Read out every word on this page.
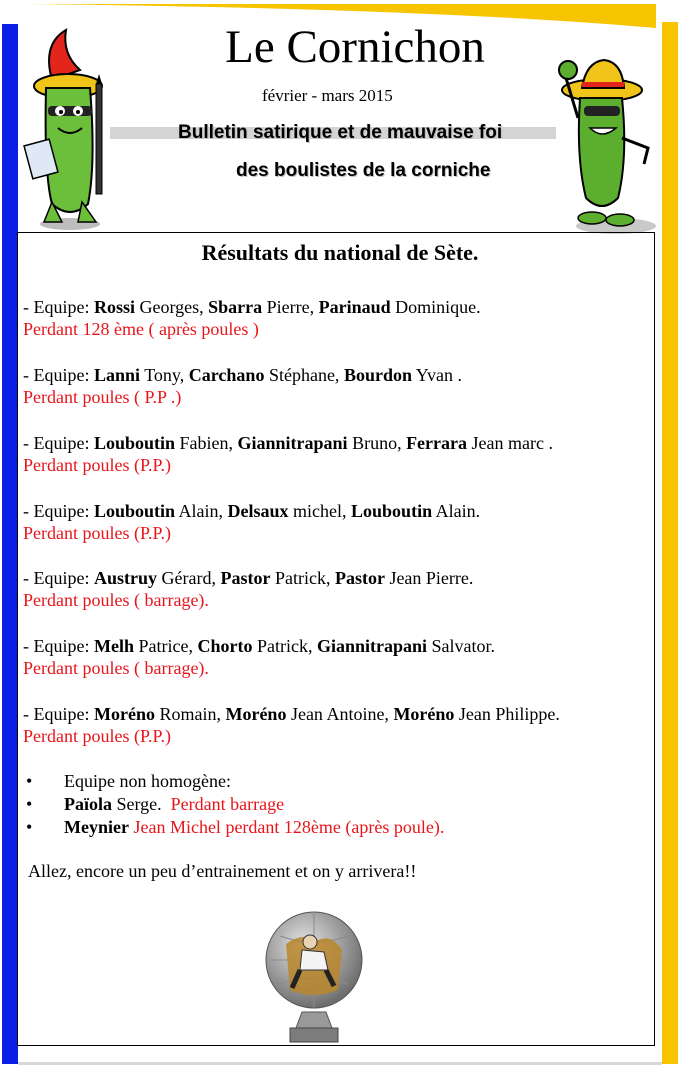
Le Cornichon
février - mars 2015
Bulletin satirique et de mauvaise foi
des boulistes de la corniche
Résultats du national de Sète.
- Equipe: Rossi Georges, Sbarra Pierre, Parinaud Dominique.
Perdant 128 ème ( après poules )
- Equipe: Lanni Tony, Carchano Stéphane, Bourdon Yvan .
Perdant poules ( P.P .)
- Equipe: Louboutin Fabien, Giannitrapani Bruno, Ferrara Jean marc .
Perdant poules (P.P.)
- Equipe: Louboutin Alain, Delsaux michel, Louboutin Alain.
Perdant poules (P.P.)
- Equipe: Austruy Gérard, Pastor Patrick, Pastor Jean Pierre.
Perdant poules ( barrage).
- Equipe: Melh Patrice, Chorto Patrick, Giannitrapani Salvator.
Perdant poules ( barrage).
- Equipe: Moréno Romain, Moréno Jean Antoine, Moréno Jean Philippe.
Perdant poules (P.P.)
• Equipe non homogène:
• Païola Serge.  Perdant barrage
• Meynier Jean Michel perdant 128ème (après poule).
Allez, encore un peu d’entrainement et on y arrivera!!
